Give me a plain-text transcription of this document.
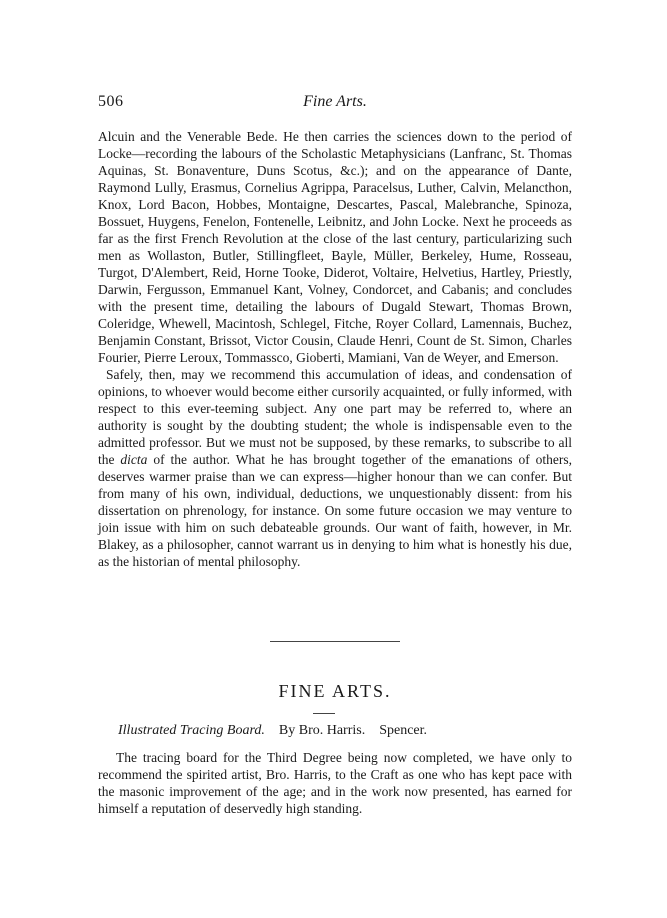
506	Fine Arts.

Alcuin and the Venerable Bede. He then carries the sciences down to the period of Locke—recording the labours of the Scholastic Metaphysicians (Lanfranc, St. Thomas Aquinas, St. Bonaventure, Duns Scotus, &c.); and on the appearance of Dante, Raymond Lully, Erasmus, Cornelius Agrippa, Paracelsus, Luther, Calvin, Melancthon, Knox, Lord Bacon, Hobbes, Montaigne, Descartes, Pascal, Malebranche, Spinoza, Bossuet, Huygens, Fenelon, Fontenelle, Leibnitz, and John Locke. Next he proceeds as far as the first French Revolution at the close of the last century, particularizing such men as Wollaston, Butler, Stillingfleet, Bayle, Müller, Berkeley, Hume, Rosseau, Turgot, D'Alembert, Reid, Horne Tooke, Diderot, Voltaire, Helvetius, Hartley, Priestly, Darwin, Fergusson, Emmanuel Kant, Volney, Condorcet, and Cabanis; and concludes with the present time, detailing the labours of Dugald Stewart, Thomas Brown, Coleridge, Whewell, Macintosh, Schlegel, Fitche, Royer Collard, Lamennais, Buchez, Benjamin Constant, Brissot, Victor Cousin, Claude Henri, Count de St. Simon, Charles Fourier, Pierre Leroux, Tommassco, Gioberti, Mamiani, Van de Weyer, and Emerson.

Safely, then, may we recommend this accumulation of ideas, and condensation of opinions, to whoever would become either cursorily acquainted, or fully informed, with respect to this ever-teeming subject. Any one part may be referred to, where an authority is sought by the doubting student; the whole is indispensable even to the admitted professor. But we must not be supposed, by these remarks, to subscribe to all the dicta of the author. What he has brought together of the emanations of others, deserves warmer praise than we can express—higher honour than we can confer. But from many of his own, individual, deductions, we unquestionably dissent: from his dissertation on phrenology, for instance. On some future occasion we may venture to join issue with him on such debateable grounds. Our want of faith, however, in Mr. Blakey, as a philosopher, cannot warrant us in denying to him what is honestly his due, as the historian of mental philosophy.

FINE ARTS.
Illustrated Tracing Board. By Bro. Harris. Spencer.
The tracing board for the Third Degree being now completed, we have only to recommend the spirited artist, Bro. Harris, to the Craft as one who has kept pace with the masonic improvement of the age; and in the work now presented, has earned for himself a reputation of deservedly high standing.
